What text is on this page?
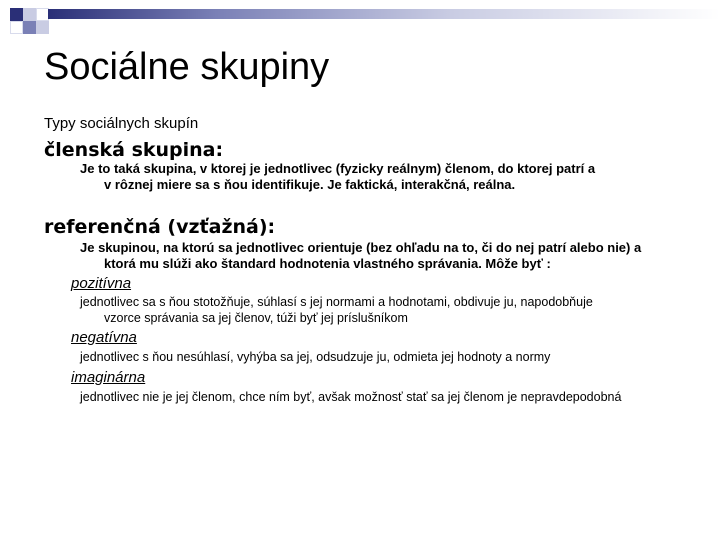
Sociálne skupiny
Typy sociálnych skupín
členská skupina:
Je to taká skupina, v ktorej je jednotlivec (fyzicky reálnym) členom, do ktorej patrí a
v rôznej miere sa s ňou identifikuje. Je faktická, interakčná, reálna.
referenčná (vzťažná):
Je skupinou, na ktorú sa jednotlivec orientuje (bez ohľadu na to, či do nej patrí alebo nie) a
ktorá mu slúži ako štandard hodnotenia vlastného správania. Môže byť :
pozitívna
jednotlivec sa s ňou stotožňuje, súhlasí s jej normami a hodnotami, obdivuje ju, napodobňuje
vzorce správania sa jej členov, túži byť jej príslušníkom
negatívna
jednotlivec s ňou nesúhlasí, vyhýba sa jej, odsudzuje ju, odmieta jej hodnoty a normy
imaginárna
jednotlivec nie je jej členom, chce ním byť, avšak možnosť stať sa jej členom je nepravdepodobná
